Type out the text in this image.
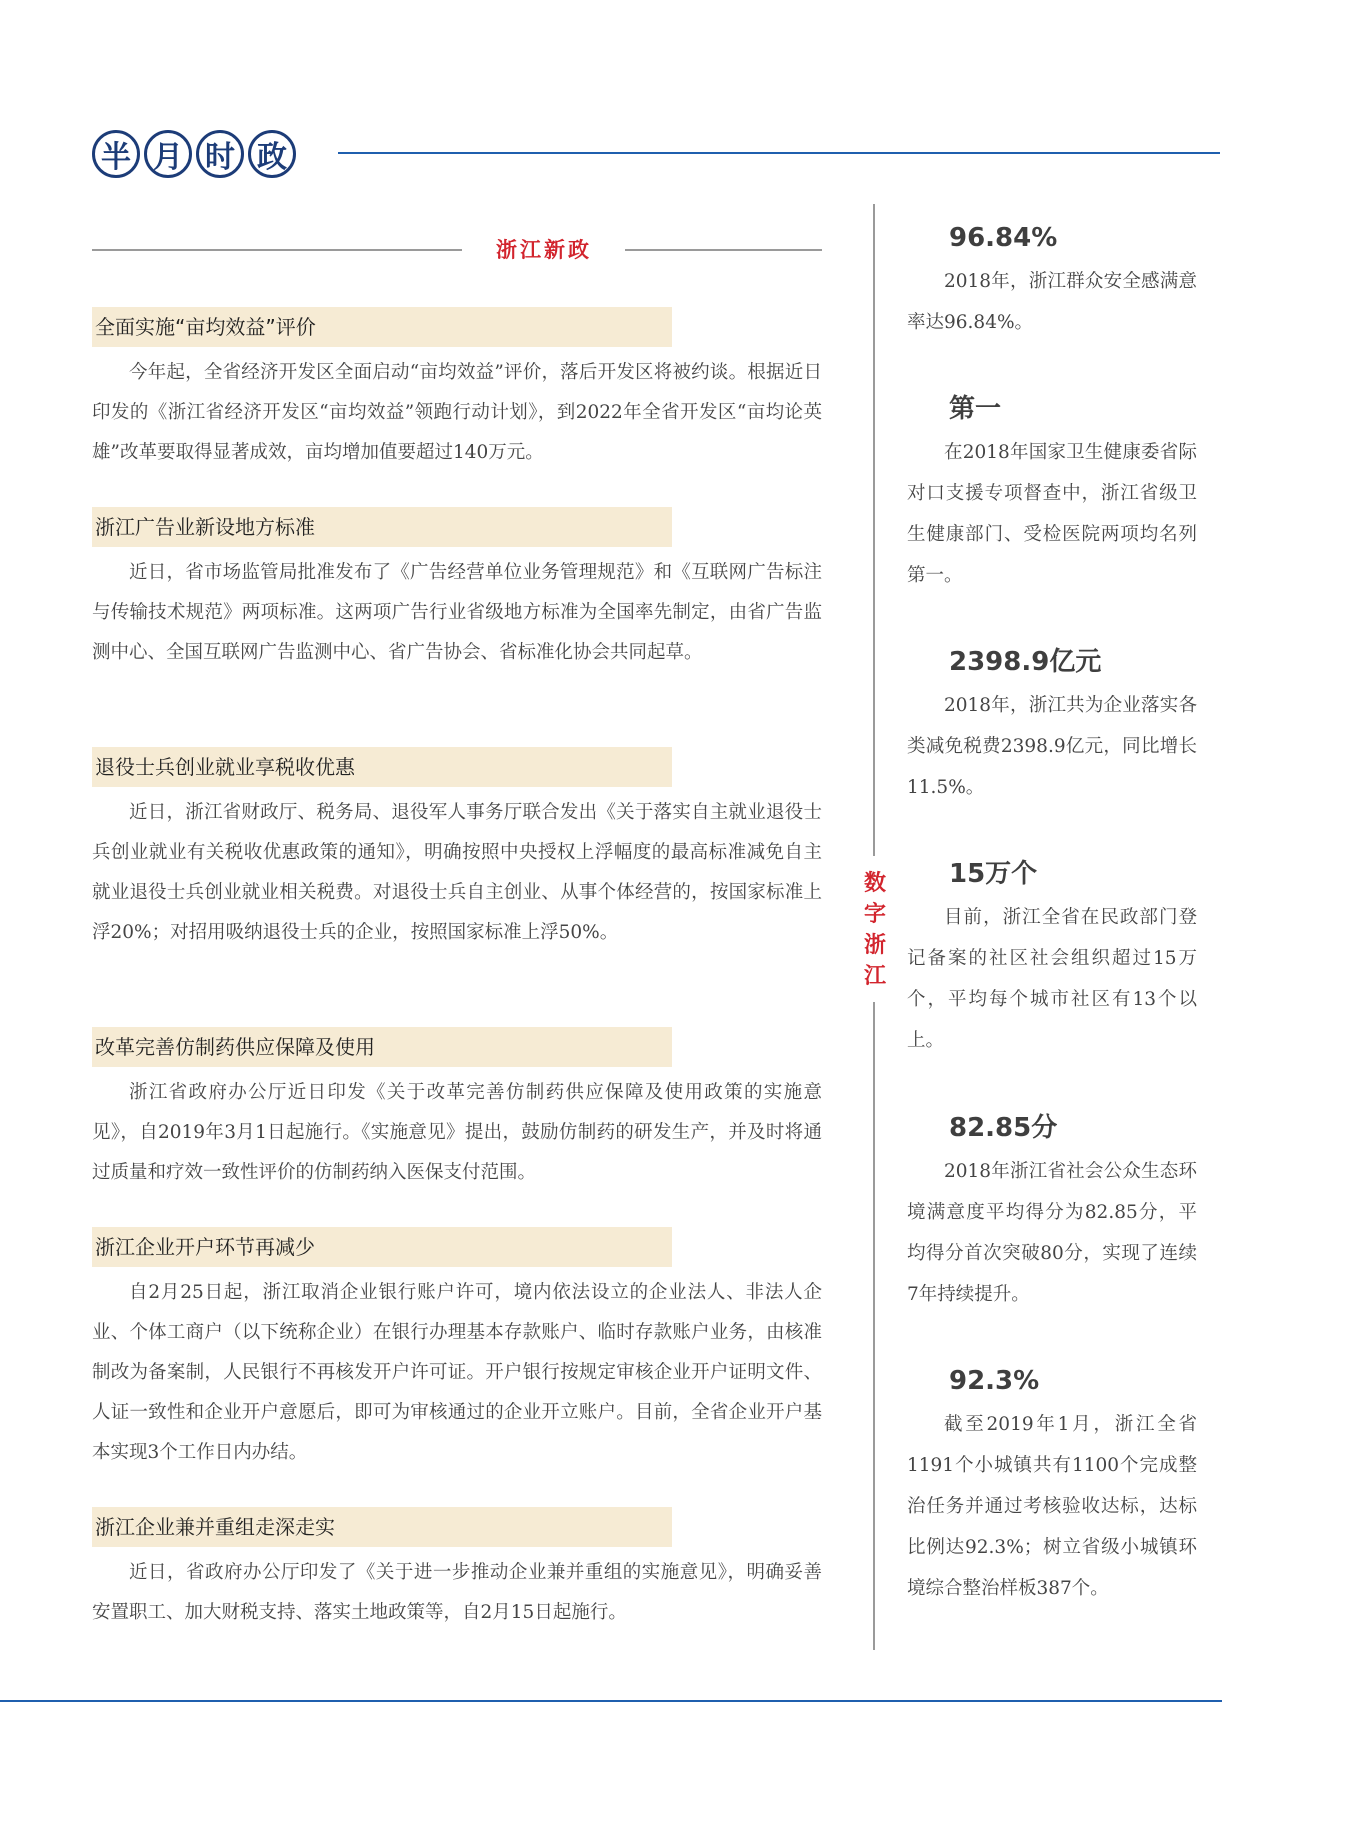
半 月 时 政
浙江新政
全面实施“亩均效益”评价

今年起，全省经济开发区全面启动“亩均效益”评价，落后开发区将被约谈。根据近日印发的《浙江省经济开发区“亩均效益”领跑行动计划》，到2022年全省开发区“亩均论英雄”改革要取得显著成效，亩均增加值要超过140万元。

浙江广告业新设地方标准

近日，省市场监管局批准发布了《广告经营单位业务管理规范》和《互联网广告标注与传输技术规范》两项标准。这两项广告行业省级地方标准为全国率先制定，由省广告监测中心、全国互联网广告监测中心、省广告协会、省标准化协会共同起草。

退役士兵创业就业享税收优惠

近日，浙江省财政厅、税务局、退役军人事务厅联合发出《关于落实自主就业退役士兵创业就业有关税收优惠政策的通知》，明确按照中央授权上浮幅度的最高标准减免自主就业退役士兵创业就业相关税费。对退役士兵自主创业、从事个体经营的，按国家标准上浮20%；对招用吸纳退役士兵的企业，按照国家标准上浮50%。

改革完善仿制药供应保障及使用

浙江省政府办公厅近日印发《关于改革完善仿制药供应保障及使用政策的实施意见》，自2019年3月1日起施行。《实施意见》提出，鼓励仿制药的研发生产，并及时将通过质量和疗效一致性评价的仿制药纳入医保支付范围。

浙江企业开户环节再减少

自2月25日起，浙江取消企业银行账户许可，境内依法设立的企业法人、非法人企业、个体工商户（以下统称企业）在银行办理基本存款账户、临时存款账户业务，由核准制改为备案制，人民银行不再核发开户许可证。开户银行按规定审核企业开户证明文件、人证一致性和企业开户意愿后，即可为审核通过的企业开立账户。目前，全省企业开户基本实现3个工作日内办结。

浙江企业兼并重组走深走实

近日，省政府办公厅印发了《关于进一步推动企业兼并重组的实施意见》，明确妥善安置职工、加大财税支持、落实土地政策等，自2月15日起施行。

数
字
浙
江
96.84%

2018年，浙江群众安全感满意率达96.84%。

第一

在2018年国家卫生健康委省际对口支援专项督查中，浙江省级卫生健康部门、受检医院两项均名列第一。

2398.9亿元

2018年，浙江共为企业落实各类减免税费2398.9亿元，同比增长11.5%。

15万个

目前，浙江全省在民政部门登记备案的社区社会组织超过15万个，平均每个城市社区有13个以上。

82.85分

2018年浙江省社会公众生态环境满意度平均得分为82.85分，平均得分首次突破80分，实现了连续7年持续提升。

92.3%

截至2019年1月，浙江全省1191个小城镇共有1100个完成整治任务并通过考核验收达标，达标比例达92.3%；树立省级小城镇环境综合整治样板387个。
